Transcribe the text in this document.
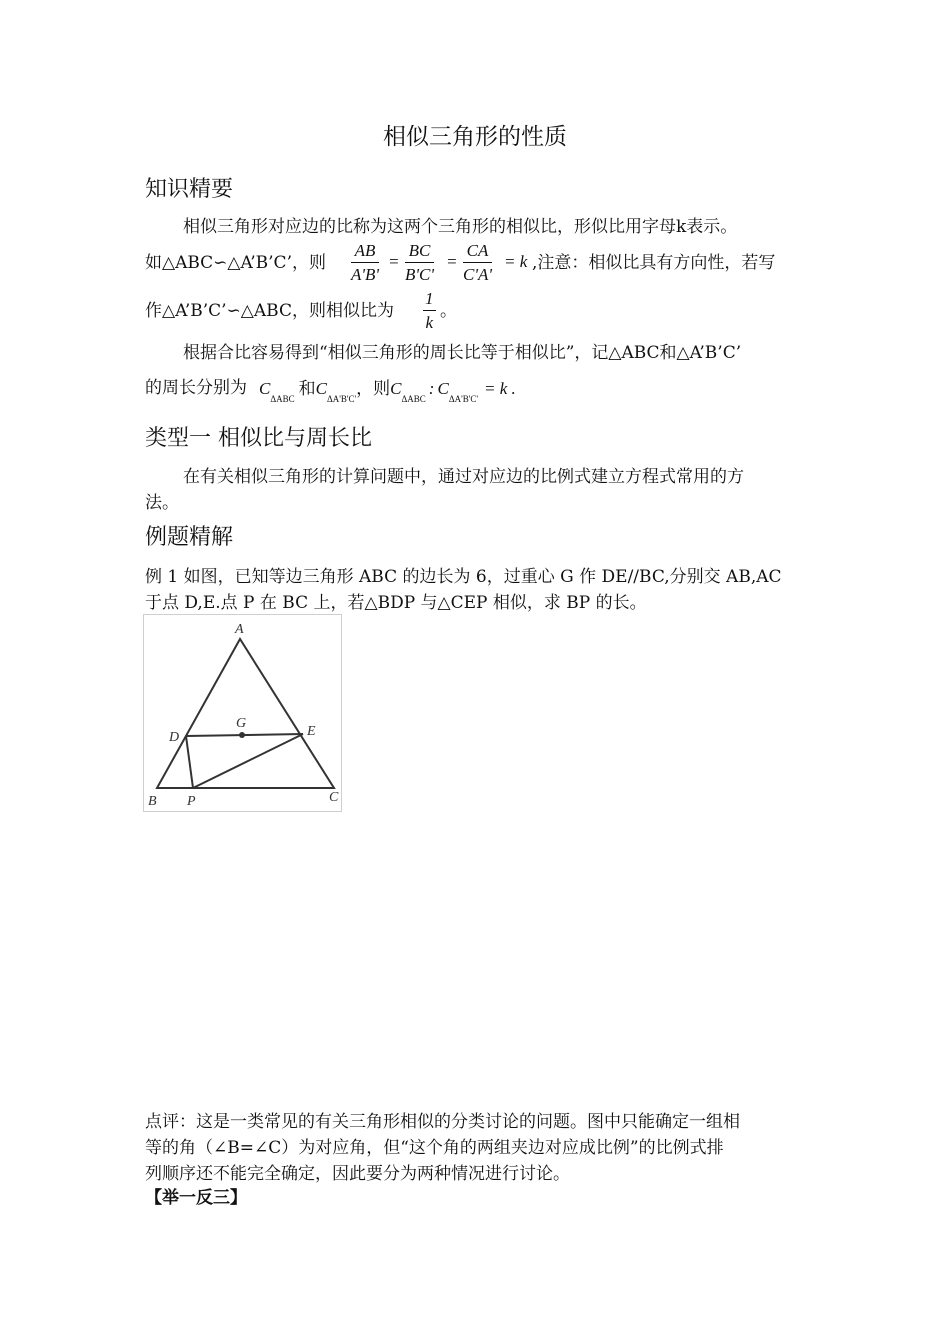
相似三角形的性质
知识精要
相似三角形对应边的比称为这两个三角形的相似比，形似比用字母k表示。
如△ABC∽△A’B’C’，则 $\frac{AB}{A'B'} = \frac{BC}{B'C'} = \frac{CA}{C'A'} = k$ ,注意：相似比具有方向性，若写
作△A’B’C’∽△ABC，则相似比为 $\frac{1}{k}$ 。
根据合比容易得到“相似三角形的周长比等于相似比”，记△ABC和△A’B’C’
的周长分别为 $C_{\Delta ABC}$ 和$C_{\Delta A'B'C'}$，则$C_{\Delta ABC}$: $C_{\Delta A'B'C'}= k$ .
类型一 相似比与周长比
在有关相似三角形的计算问题中，通过对应边的比例式建立方程式常用的方
法。
例题精解
例 1 如图，已知等边三角形 ABC 的边长为 6，过重心 G 作 DE//BC,分别交 AB,AC
于点 D,E.点 P 在 BC 上，若△BDP 与△CEP 相似，求 BP 的长。
A
B	C
D	E
G
P
点评：这是一类常见的有关三角形相似的分类讨论的问题。图中只能确定一组相
等的角（∠B=∠C）为对应角，但“这个角的两组夹边对应成比例”的比例式排
列顺序还不能完全确定，因此要分为两种情况进行讨论。
【举一反三】
